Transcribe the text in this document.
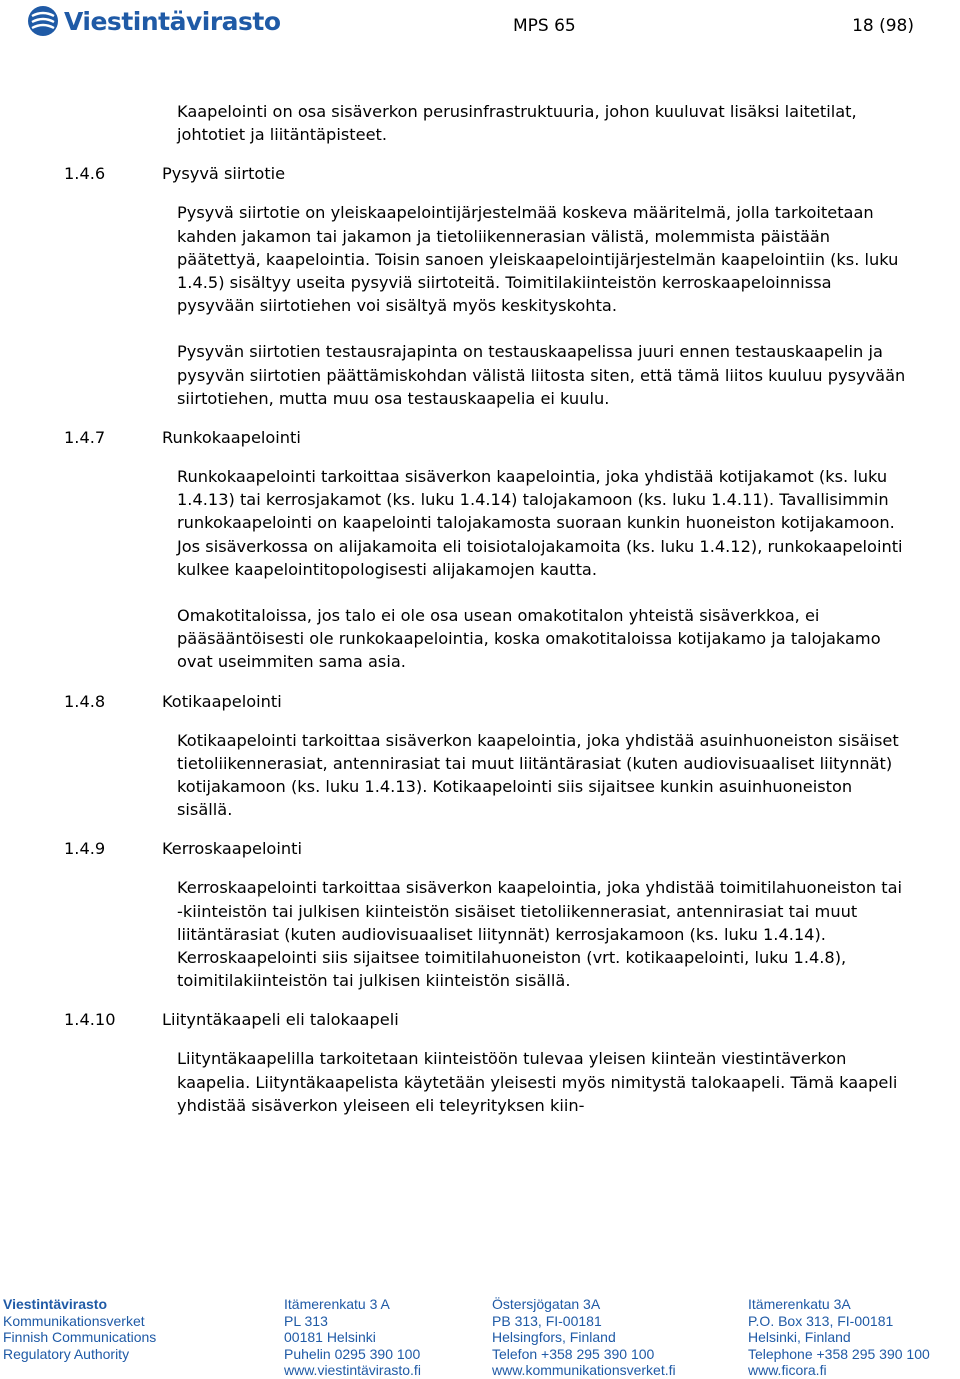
Viestintävirasto	MPS 65	18 (98)

Kaapelointi on osa sisäverkon perusinfrastruktuuria, johon kuuluvat lisäksi laitetilat, johtotiet ja liitäntäpisteet.

1.4.6	Pysyvä siirtotie

Pysyvä siirtotie on yleiskaapelointijärjestelmää koskeva määritelmä, jolla tarkoitetaan kahden jakamon tai jakamon ja tietoliikennerasian välistä, molemmista päistään päätettyä, kaapelointia. Toisin sanoen yleiskaapelointijärjestelmän kaapelointiin (ks. luku 1.4.5) sisältyy useita pysyviä siirtoteitä. Toimitilakiinteistön kerroskaapeloinnissa pysyvään siirtotiehen voi sisältyä myös keskityskohta.

Pysyvän siirtotien testausrajapinta on testauskaapelissa juuri ennen testauskaapelin ja pysyvän siirtotien päättämiskohdan välistä liitosta siten, että tämä liitos kuuluu pysyvään siirtotiehen, mutta muu osa testauskaapelia ei kuulu.

1.4.7	Runkokaapelointi

Runkokaapelointi tarkoittaa sisäverkon kaapelointia, joka yhdistää kotijakamot (ks. luku 1.4.13) tai kerrosjakamot (ks. luku 1.4.14) talojakamoon (ks. luku 1.4.11). Tavallisimmin runkokaapelointi on kaapelointi talojakamosta suoraan kunkin huoneiston kotijakamoon. Jos sisäverkossa on alijakamoita eli toisiotalojakamoita (ks. luku 1.4.12), runkokaapelointi kulkee kaapelointitopologisesti alijakamojen kautta.

Omakotitaloissa, jos talo ei ole osa usean omakotitalon yhteistä sisäverkkoa, ei pääsääntöisesti ole runkokaapelointia, koska omakotitaloissa kotijakamo ja talojakamo ovat useimmiten sama asia.

1.4.8	Kotikaapelointi

Kotikaapelointi tarkoittaa sisäverkon kaapelointia, joka yhdistää asuinhuoneiston sisäiset tietoliikennerasiat, antennirasiat tai muut liitäntärasiat (kuten audiovisuaaliset liitynnät) kotijakamoon (ks. luku 1.4.13). Kotikaapelointi siis sijaitsee kunkin asuinhuoneiston sisällä.

1.4.9	Kerroskaapelointi

Kerroskaapelointi tarkoittaa sisäverkon kaapelointia, joka yhdistää toimitilahuoneiston tai -kiinteistön tai julkisen kiinteistön sisäiset tietoliikennerasiat, antennirasiat tai muut liitäntärasiat (kuten audiovisuaaliset liitynnät) kerrosjakamoon (ks. luku 1.4.14). Kerroskaapelointi siis sijaitsee toimitilahuoneiston (vrt. kotikaapelointi, luku 1.4.8), toimitilakiinteistön tai julkisen kiinteistön sisällä.

1.4.10	Liityntäkaapeli eli talokaapeli

Liityntäkaapelilla tarkoitetaan kiinteistöön tulevaa yleisen kiinteän viestintäverkon kaapelia. Liityntäkaapelista käytetään yleisesti myös nimitystä talokaapeli. Tämä kaapeli yhdistää sisäverkon yleiseen eli teleyrityksen kiin-

Viestintävirasto
Kommunikationsverket
Finnish Communications
Regulatory Authority
Itämerenkatu 3 A
PL 313
00181 Helsinki
Puhelin 0295 390 100
www.viestintävirasto.fi
Östersjögatan 3A
PB 313, FI-00181
Helsingfors, Finland
Telefon +358 295 390 100
www.kommunikationsverket.fi
Itämerenkatu 3A
P.O. Box 313, FI-00181
Helsinki, Finland
Telephone +358 295 390 100
www.ficora.fi
